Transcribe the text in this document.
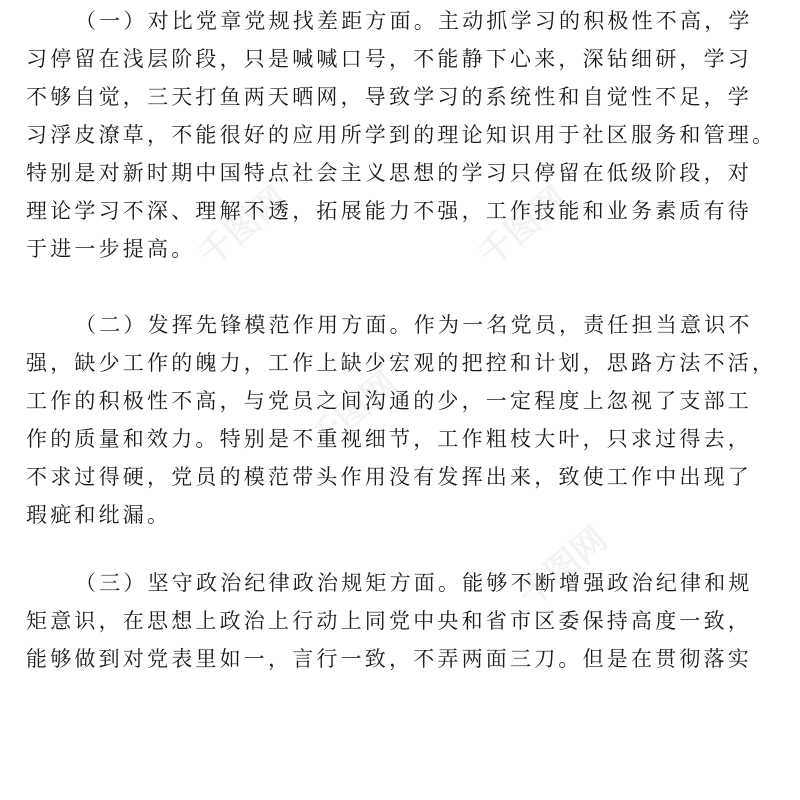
千图网	千图网
千图网
千图网
（一）对比党章党规找差距方面。主动抓学习的积极性不高，学
习停留在浅层阶段，只是喊喊口号，不能静下心来，深钻细研，学习
不够自觉，三天打鱼两天晒网，导致学习的系统性和自觉性不足，学
习浮皮潦草，不能很好的应用所学到的理论知识用于社区服务和管理。
特别是对新时期中国特点社会主义思想的学习只停留在低级阶段，对
理论学习不深、理解不透，拓展能力不强，工作技能和业务素质有待
于进一步提高。
（二）发挥先锋模范作用方面。作为一名党员，责任担当意识不
强，缺少工作的魄力，工作上缺少宏观的把控和计划，思路方法不活，
工作的积极性不高，与党员之间沟通的少，一定程度上忽视了支部工
作的质量和效力。特别是不重视细节，工作粗枝大叶，只求过得去，
不求过得硬，党员的模范带头作用没有发挥出来，致使工作中出现了
瑕疵和纰漏。
（三）坚守政治纪律政治规矩方面。能够不断增强政治纪律和规
矩意识，在思想上政治上行动上同党中央和省市区委保持高度一致，
能够做到对党表里如一，言行一致，不弄两面三刀。但是在贯彻落实
